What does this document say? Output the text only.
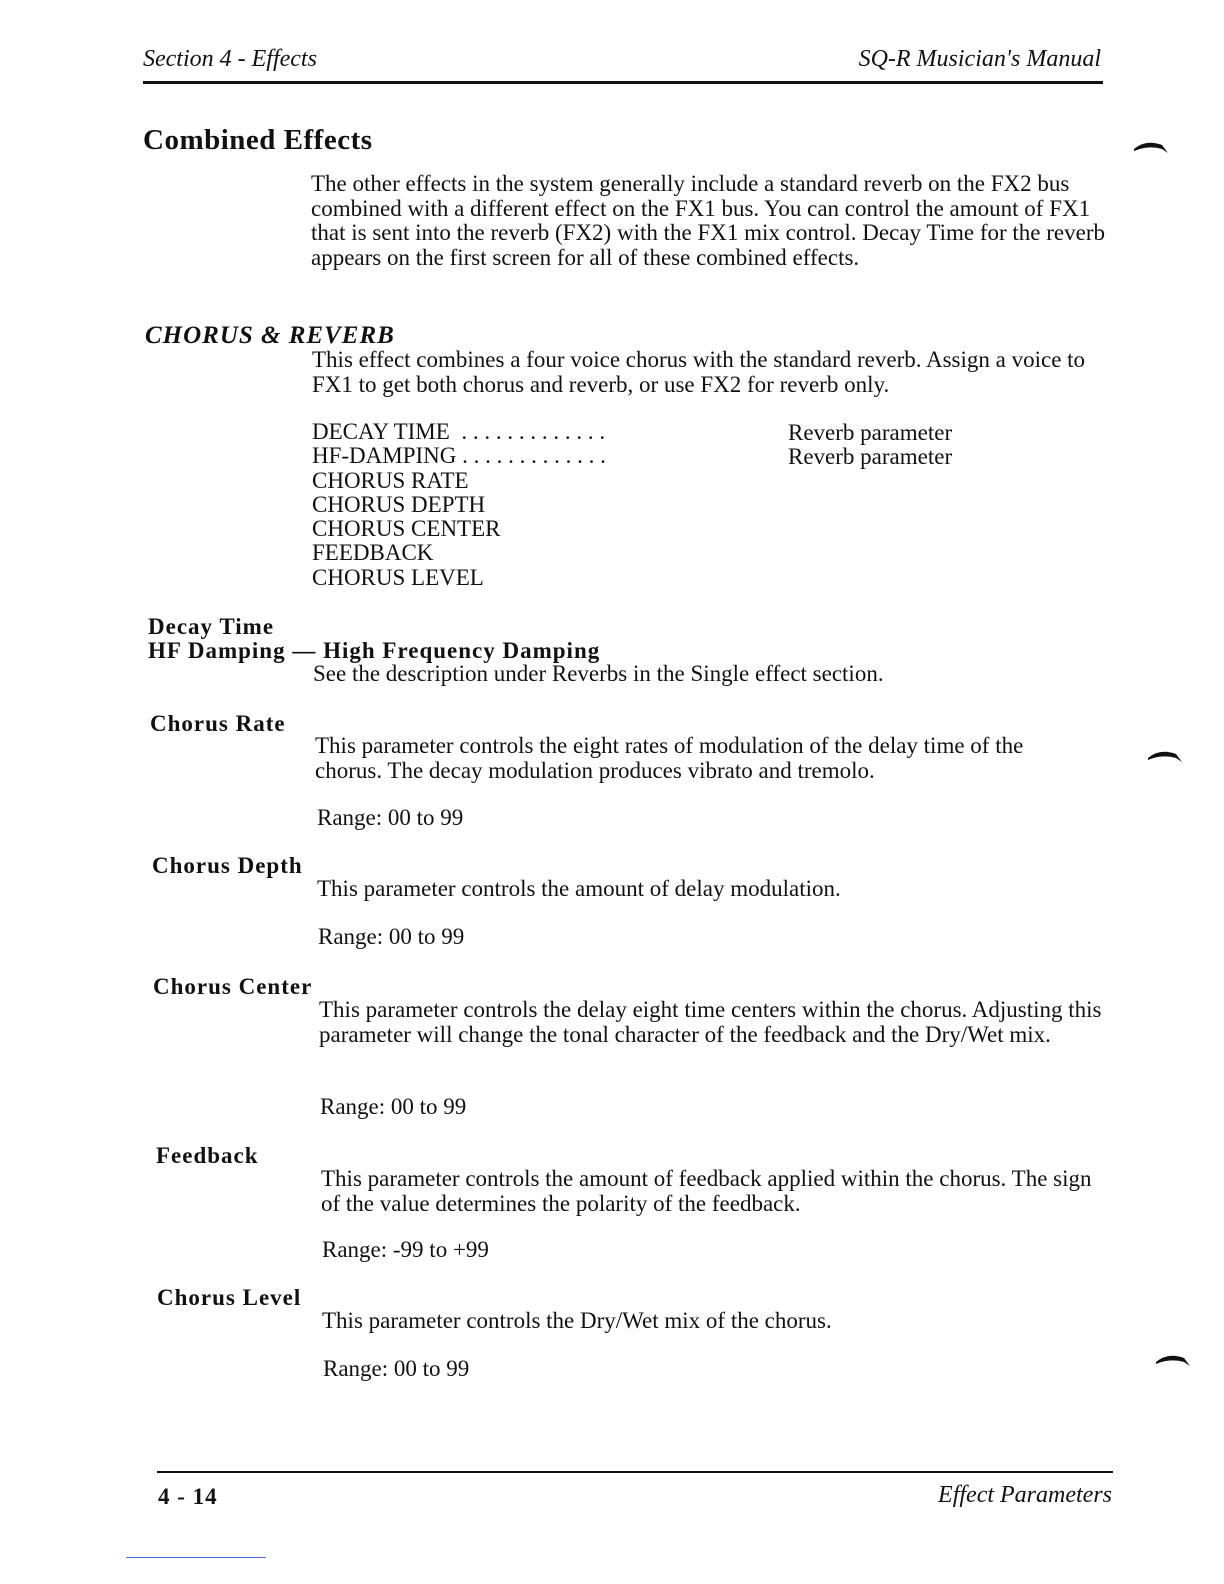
Section 4 - Effects	SQ-R Musician's Manual
Combined Effects
The other effects in the system generally include a standard reverb on the FX2 bus combined with a different effect on the FX1 bus. You can control the amount of FX1 that is sent into the reverb (FX2) with the FX1 mix control. Decay Time for the reverb appears on the first screen for all of these combined effects.
CHORUS & REVERB
This effect combines a four voice chorus with the standard reverb. Assign a voice to FX1 to get both chorus and reverb, or use FX2 for reverb only.
DECAY TIME . . . . . . . . . . . . .
HF-DAMPING . . . . . . . . . . . . .
CHORUS RATE
CHORUS DEPTH
CHORUS CENTER
FEEDBACK
CHORUS LEVEL
Reverb parameter
Reverb parameter
Decay Time
HF Damping — High Frequency Damping
See the description under Reverbs in the Single effect section.
Chorus Rate
This parameter controls the eight rates of modulation of the delay time of the chorus. The decay modulation produces vibrato and tremolo.
Range: 00 to 99
Chorus Depth
This parameter controls the amount of delay modulation.
Range: 00 to 99
Chorus Center
This parameter controls the delay eight time centers within the chorus. Adjusting this parameter will change the tonal character of the feedback and the Dry/Wet mix.
Range: 00 to 99
Feedback
This parameter controls the amount of feedback applied within the chorus. The sign of the value determines the polarity of the feedback.
Range: -99 to +99
Chorus Level
This parameter controls the Dry/Wet mix of the chorus.
Range: 00 to 99
4 - 14	Effect Parameters
